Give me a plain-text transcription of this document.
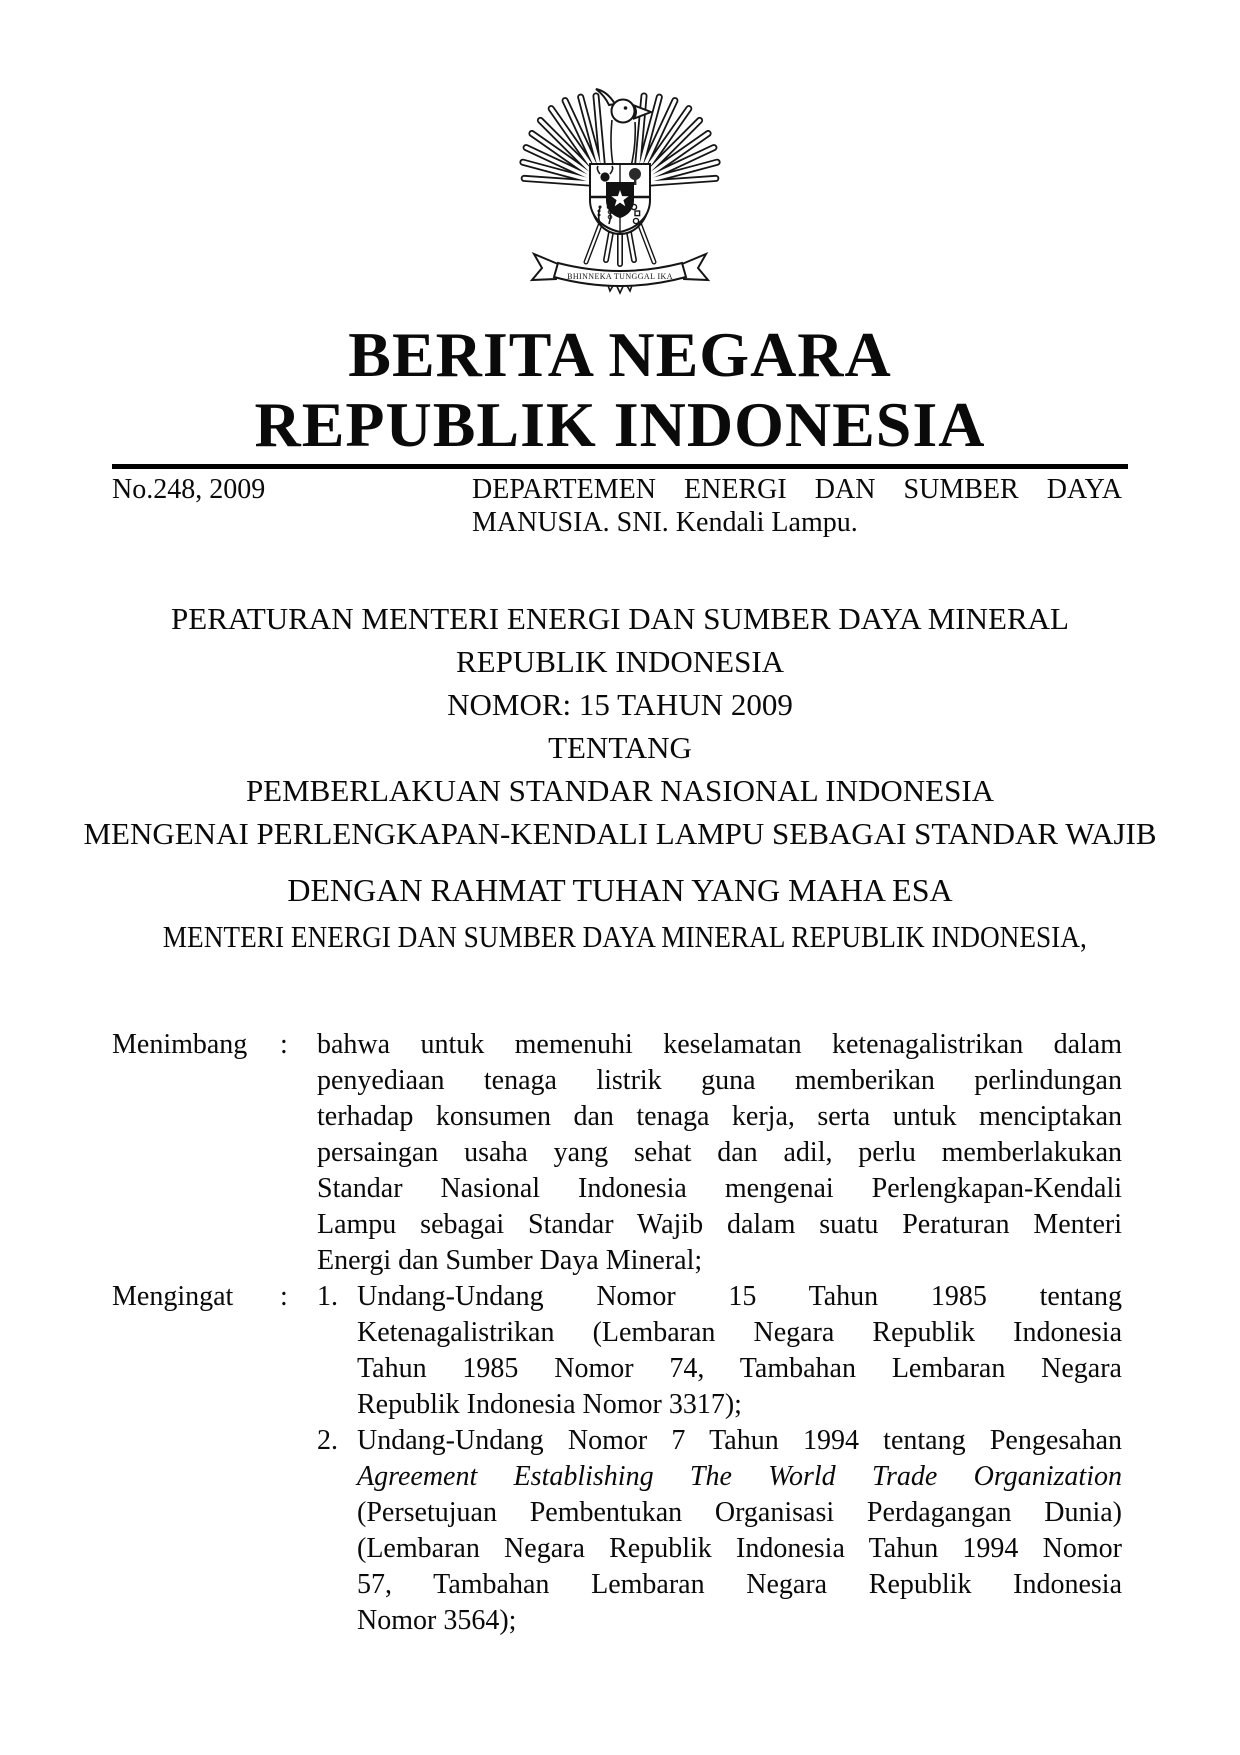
BHINNEKA TUNGGAL IKA
BERITA NEGARA
REPUBLIK INDONESIA
No.248, 2009	DEPARTEMEN ENERGI DAN SUMBER DAYA
MANUSIA. SNI. Kendali Lampu.
PERATURAN MENTERI ENERGI DAN SUMBER DAYA MINERAL
REPUBLIK INDONESIA
NOMOR: 15 TAHUN 2009
TENTANG
PEMBERLAKUAN STANDAR NASIONAL INDONESIA
MENGENAI PERLENGKAPAN-KENDALI LAMPU SEBAGAI STANDAR WAJIB
DENGAN RAHMAT TUHAN YANG MAHA ESA
MENTERI ENERGI DAN SUMBER DAYA MINERAL REPUBLIK INDONESIA,
Menimbang	:	bahwa untuk memenuhi keselamatan ketenagalistrikan dalam
penyediaan tenaga listrik guna memberikan perlindungan
terhadap konsumen dan tenaga kerja, serta untuk menciptakan
persaingan usaha yang sehat dan adil, perlu memberlakukan
Standar Nasional Indonesia mengenai Perlengkapan-Kendali
Lampu sebagai Standar Wajib dalam suatu Peraturan Menteri
Energi dan Sumber Daya Mineral;
Mengingat	:	1. Undang-Undang Nomor 15 Tahun 1985 tentang
Ketenagalistrikan (Lembaran Negara Republik Indonesia
Tahun 1985 Nomor 74, Tambahan Lembaran Negara
Republik Indonesia Nomor 3317);
2. Undang-Undang Nomor 7 Tahun 1994 tentang Pengesahan
Agreement Establishing The World Trade Organization
(Persetujuan Pembentukan Organisasi Perdagangan Dunia)
(Lembaran Negara Republik Indonesia Tahun 1994 Nomor
57, Tambahan Lembaran Negara Republik Indonesia
Nomor 3564);
